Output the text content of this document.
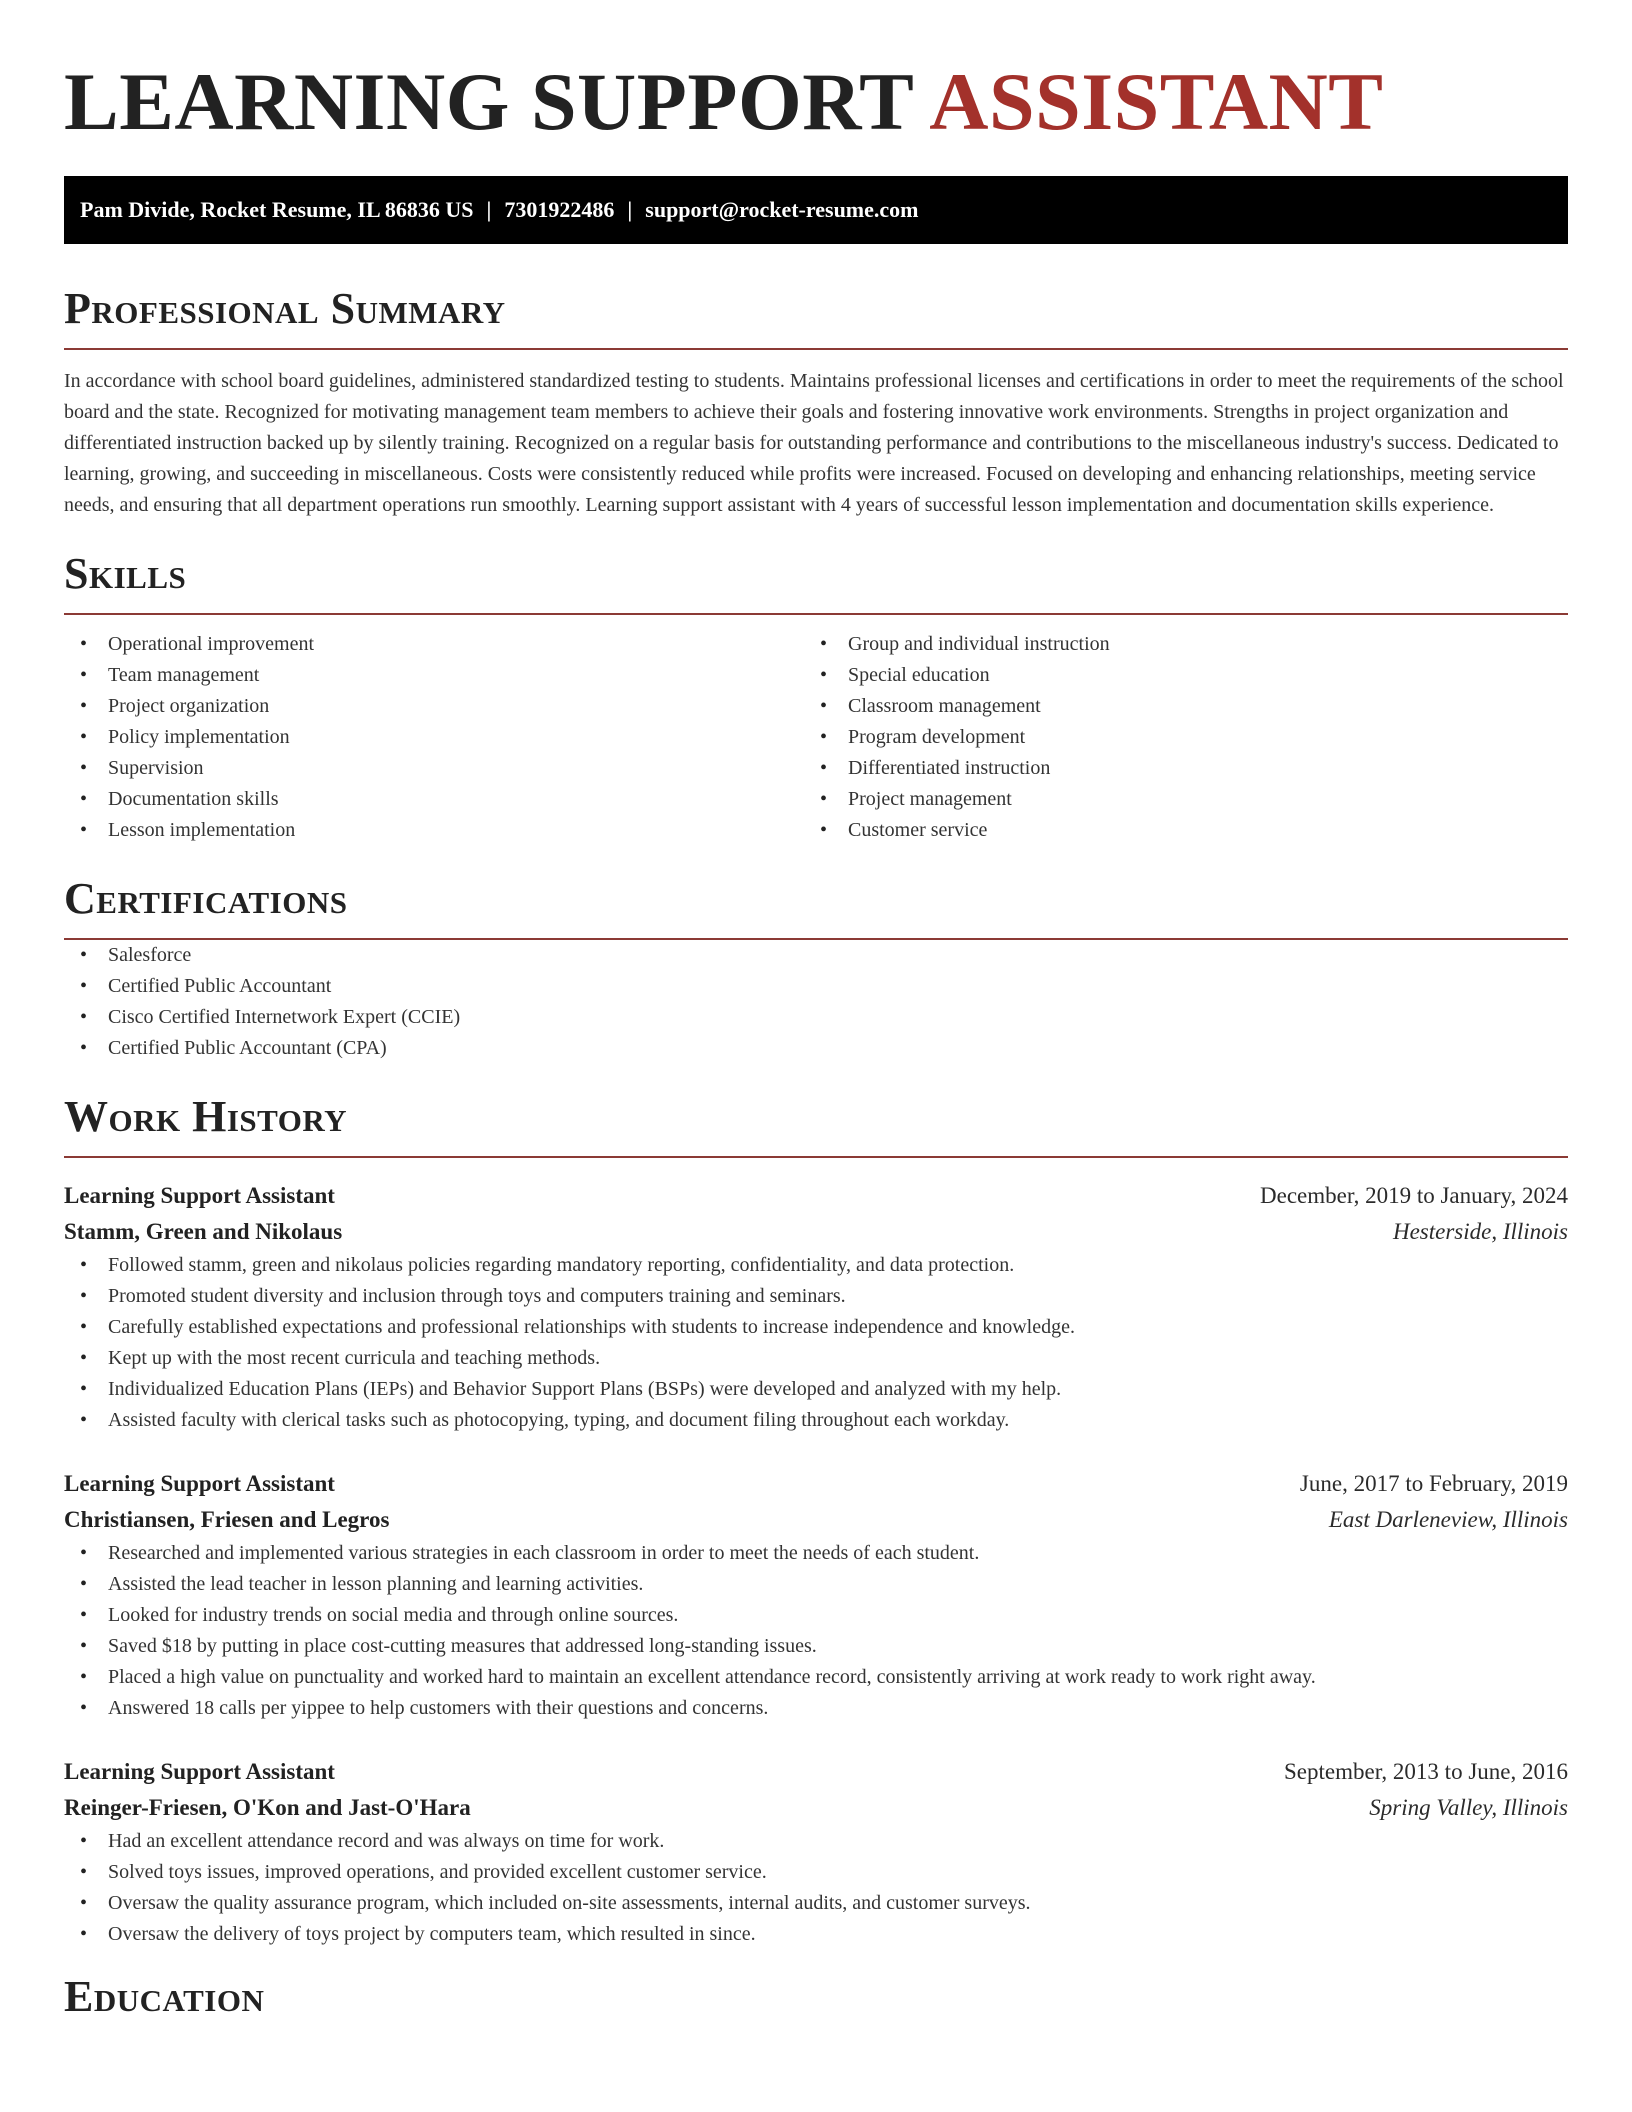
LEARNING SUPPORT ASSISTANT
Pam Divide, Rocket Resume, IL 86836 US | 7301922486 | support@rocket-resume.com
Professional Summary

In accordance with school board guidelines, administered standardized testing to students. Maintains professional licenses and certifications in order to meet the requirements of the school board and the state. Recognized for motivating management team members to achieve their goals and fostering innovative work environments. Strengths in project organization and differentiated instruction backed up by silently training. Recognized on a regular basis for outstanding performance and contributions to the miscellaneous industry's success. Dedicated to learning, growing, and succeeding in miscellaneous. Costs were consistently reduced while profits were increased. Focused on developing and enhancing relationships, meeting service needs, and ensuring that all department operations run smoothly. Learning support assistant with 4 years of successful lesson implementation and documentation skills experience.

Skills
• Operational improvement
• Team management
• Project organization
• Policy implementation
• Supervision
• Documentation skills
• Lesson implementation
• Group and individual instruction
• Special education
• Classroom management
• Program development
• Differentiated instruction
• Project management
• Customer service
Certifications
• Salesforce
• Certified Public Accountant
• Cisco Certified Internetwork Expert (CCIE)
• Certified Public Accountant (CPA)
Work History
Learning Support Assistant	December, 2019 to January, 2024
Stamm, Green and Nikolaus	Hesterside, Illinois
• Followed stamm, green and nikolaus policies regarding mandatory reporting, confidentiality, and data protection.
• Promoted student diversity and inclusion through toys and computers training and seminars.
• Carefully established expectations and professional relationships with students to increase independence and knowledge.
• Kept up with the most recent curricula and teaching methods.
• Individualized Education Plans (IEPs) and Behavior Support Plans (BSPs) were developed and analyzed with my help.
• Assisted faculty with clerical tasks such as photocopying, typing, and document filing throughout each workday.
Learning Support Assistant	June, 2017 to February, 2019
Christiansen, Friesen and Legros	East Darleneview, Illinois
• Researched and implemented various strategies in each classroom in order to meet the needs of each student.
• Assisted the lead teacher in lesson planning and learning activities.
• Looked for industry trends on social media and through online sources.
• Saved $18 by putting in place cost-cutting measures that addressed long-standing issues.
• Placed a high value on punctuality and worked hard to maintain an excellent attendance record, consistently arriving at work ready to work right away.
• Answered 18 calls per yippee to help customers with their questions and concerns.
Learning Support Assistant	September, 2013 to June, 2016
Reinger-Friesen, O'Kon and Jast-O'Hara	Spring Valley, Illinois
• Had an excellent attendance record and was always on time for work.
• Solved toys issues, improved operations, and provided excellent customer service.
• Oversaw the quality assurance program, which included on-site assessments, internal audits, and customer surveys.
• Oversaw the delivery of toys project by computers team, which resulted in since.
Education
